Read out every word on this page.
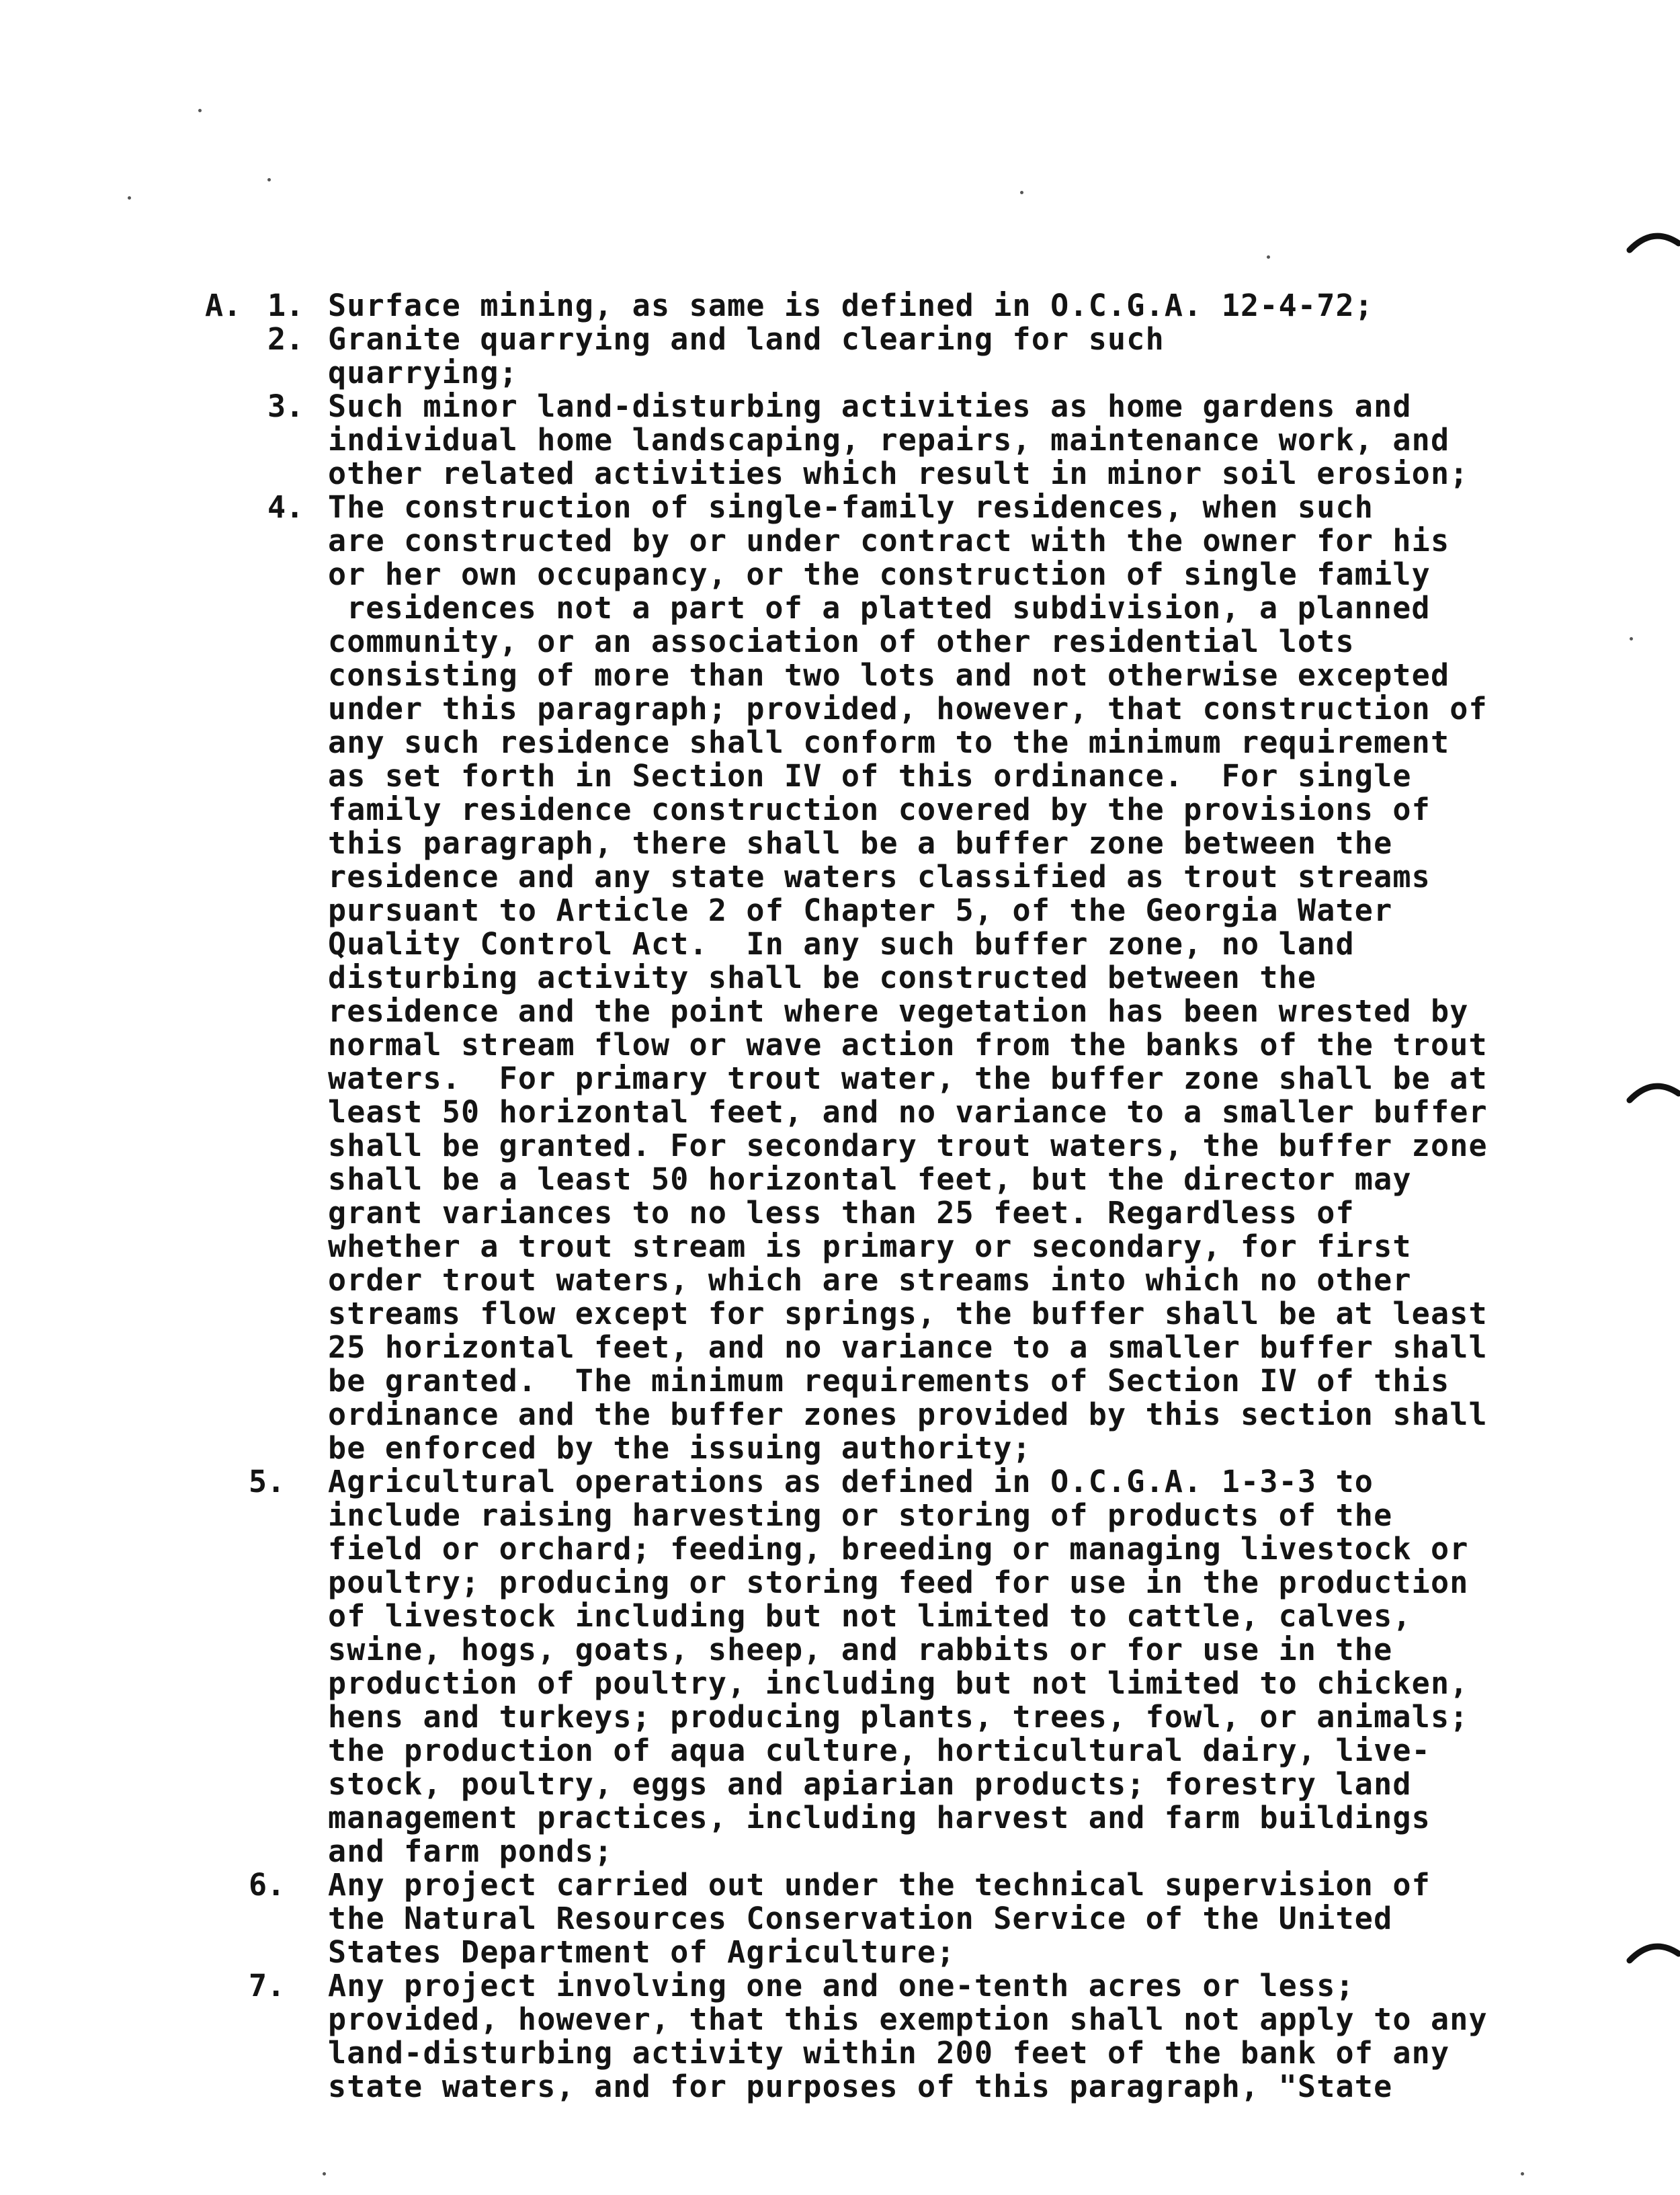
A. 1. Surface mining, as same is defined in O.C.G.A. 12-4-72;
2. Granite quarrying and land clearing for such
quarrying;
3. Such minor land-disturbing activities as home gardens and
individual home landscaping, repairs, maintenance work, and
other related activities which result in minor soil erosion;
4. The construction of single-family residences, when such
are constructed by or under contract with the owner for his
or her own occupancy, or the construction of single family
residences not a part of a platted subdivision, a planned
community, or an association of other residential lots
consisting of more than two lots and not otherwise excepted
under this paragraph; provided, however, that construction of
any such residence shall conform to the minimum requirement
as set forth in Section IV of this ordinance.  For single
family residence construction covered by the provisions of
this paragraph, there shall be a buffer zone between the
residence and any state waters classified as trout streams
pursuant to Article 2 of Chapter 5, of the Georgia Water
Quality Control Act.  In any such buffer zone, no land
disturbing activity shall be constructed between the
residence and the point where vegetation has been wrested by
normal stream flow or wave action from the banks of the trout
waters.  For primary trout water, the buffer zone shall be at
least 50 horizontal feet, and no variance to a smaller buffer
shall be granted. For secondary trout waters, the buffer zone
shall be a least 50 horizontal feet, but the director may
grant variances to no less than 25 feet. Regardless of
whether a trout stream is primary or secondary, for first
order trout waters, which are streams into which no other
streams flow except for springs, the buffer shall be at least
25 horizontal feet, and no variance to a smaller buffer shall
be granted.  The minimum requirements of Section IV of this
ordinance and the buffer zones provided by this section shall
be enforced by the issuing authority;
5. Agricultural operations as defined in O.C.G.A. 1-3-3 to
include raising harvesting or storing of products of the
field or orchard; feeding, breeding or managing livestock or
poultry; producing or storing feed for use in the production
of livestock including but not limited to cattle, calves,
swine, hogs, goats, sheep, and rabbits or for use in the
production of poultry, including but not limited to chicken,
hens and turkeys; producing plants, trees, fowl, or animals;
the production of aqua culture, horticultural dairy, live-
stock, poultry, eggs and apiarian products; forestry land
management practices, including harvest and farm buildings
and farm ponds;
6. Any project carried out under the technical supervision of
the Natural Resources Conservation Service of the United
States Department of Agriculture;
7. Any project involving one and one-tenth acres or less;
provided, however, that this exemption shall not apply to any
land-disturbing activity within 200 feet of the bank of any
state waters, and for purposes of this paragraph, "State
